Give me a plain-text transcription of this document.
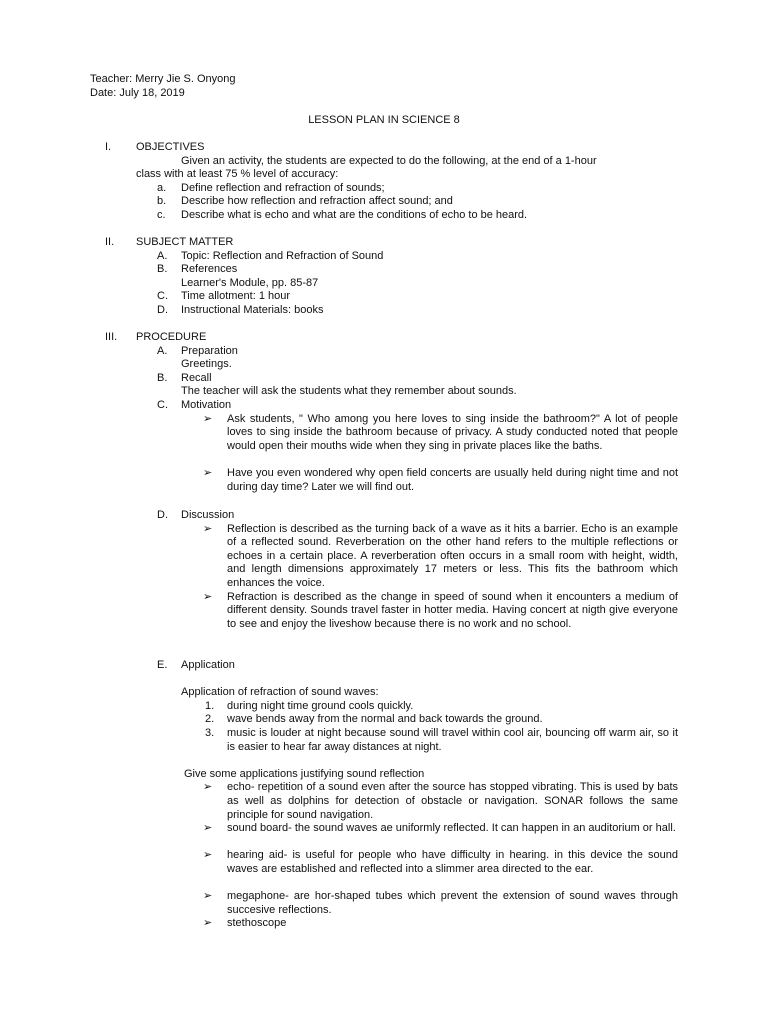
Teacher: Merry Jie S. Onyong
Date: July 18, 2019
LESSON PLAN IN SCIENCE 8
I. OBJECTIVES
Given an activity, the students are expected to do the following, at the end of a 1-hour
class with at least 75 % level of accuracy:
a. Define reflection and refraction of sounds;
b. Describe how reflection and refraction affect sound; and
c. Describe what is echo and what are the conditions of echo to be heard.
II. SUBJECT MATTER
A. Topic: Reflection and Refraction of Sound
B. References
Learner's Module, pp. 85-87
C. Time allotment: 1 hour
D. Instructional Materials: books
III. PROCEDURE
A. Preparation
Greetings.
B. Recall
The teacher will ask the students what they remember about sounds.
C. Motivation
➢ Ask students, " Who among you here loves to sing inside the bathroom?" A lot of people loves to sing inside the bathroom because of privacy. A study conducted noted that people would open their mouths wide when they sing in private places like the baths.

➢ Have you even wondered why open field concerts are usually held during night time and not during day time? Later we will find out.

D. Discussion
➢ Reflection is described as the turning back of a wave as it hits a barrier. Echo is an example of a reflected sound. Reverberation on the other hand refers to the multiple reflections or echoes in a certain place. A reverberation often occurs in a small room with height, width, and length dimensions approximately 17 meters or less. This fits the bathroom which enhances the voice.

➢ Refraction is described as the change in speed of sound when it encounters a medium of different density. Sounds travel faster in hotter media. Having concert at nigth give everyone to see and enjoy the liveshow because there is no work and no school.

E. Application
Application of refraction of sound waves:
1. during night time ground cools quickly.
2. wave bends away from the normal and back towards the ground.
3. music is louder at night because sound will travel within cool air, bouncing off warm air, so it is easier to hear far away distances at night.

Give some applications justifying sound reflection
➢ echo- repetition of a sound even after the source has stopped vibrating. This is used by bats as well as dolphins for detection of obstacle or navigation. SONAR follows the same principle for sound navigation.

➢ sound board- the sound waves ae uniformly reflected. It can happen in an auditorium or hall.

➢ hearing aid- is useful for people who have difficulty in hearing. in this device the sound waves are established and reflected into a slimmer area directed to the ear.

➢ megaphone- are hor-shaped tubes which prevent the extension of sound waves through succesive reflections.

➢ stethoscope
